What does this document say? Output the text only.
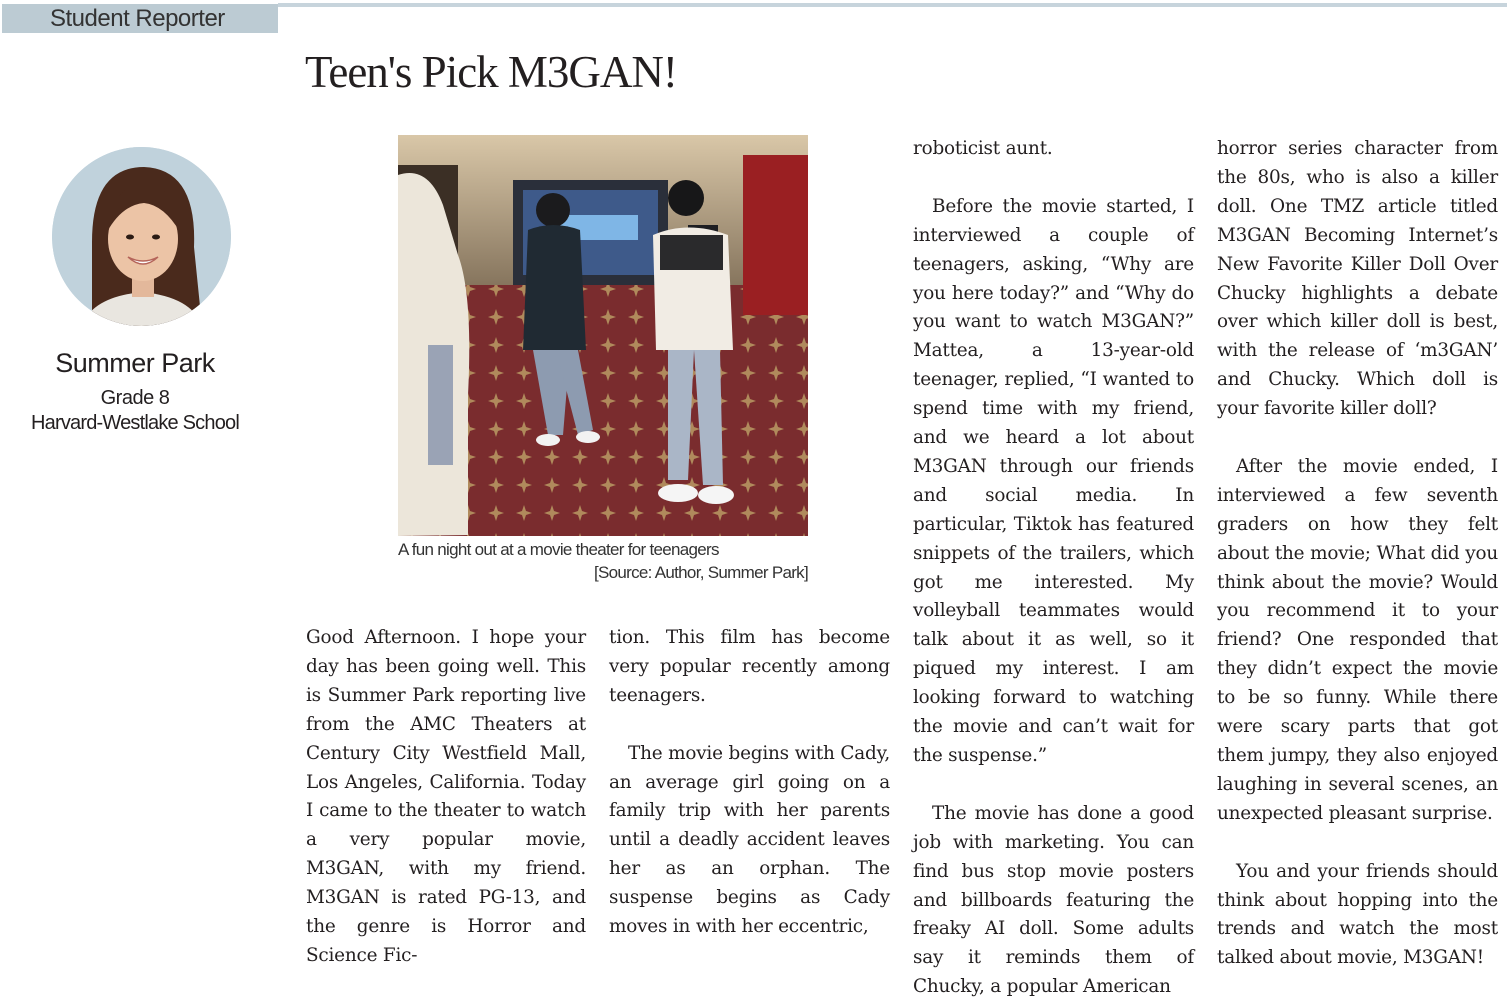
Student Reporter
Teen's Pick M3GAN!
Summer Park
Grade 8
Harvard-Westlake School
A fun night out at a movie theater for teenagers
[Source: Author, Summer Park]

Good Afternoon. I hope your day has been going well. This is Summer Park reporting live from the AMC Theaters at Century City Westfield Mall, Los Angeles, California. Today I came to the theater to watch a very popular movie, M3GAN, with my friend. M3GAN is rated PG-13, and the genre is Horror and Science Fic-

tion. This film has become very popular recently among teenagers.

The movie begins with Cady, an average girl going on a family trip with her parents until a deadly accident leaves her as an orphan. The suspense begins as Cady moves in with her eccentric,

roboticist aunt.

Before the movie started, I interviewed a couple of teenagers, asking, “Why are you here today?” and “Why do you want to watch M3GAN?” Mattea, a 13-year-old teenager, replied, “I wanted to spend time with my friend, and we heard a lot about M3GAN through our friends and social media. In particular, Tiktok has featured snippets of the trailers, which got me interested. My volleyball teammates would talk about it as well, so it piqued my interest. I am looking forward to watching the movie and can’t wait for the suspense.”

The movie has done a good job with marketing. You can find bus stop movie posters and billboards featuring the freaky AI doll. Some adults say it reminds them of Chucky, a popular American

horror series character from the 80s, who is also a killer doll. One TMZ article titled M3GAN Becoming Internet’s New Favorite Killer Doll Over Chucky highlights a debate over which killer doll is best, with the release of ‘m3GAN’ and Chucky. Which doll is your favorite killer doll?

After the movie ended, I interviewed a few seventh graders on how they felt about the movie; What did you think about the movie? Would you recommend it to your friend? One responded that they didn’t expect the movie to be so funny. While there were scary parts that got them jumpy, they also enjoyed laughing in several scenes, an unexpected pleasant surprise.

You and your friends should think about hopping into the trends and watch the most talked about movie, M3GAN!
